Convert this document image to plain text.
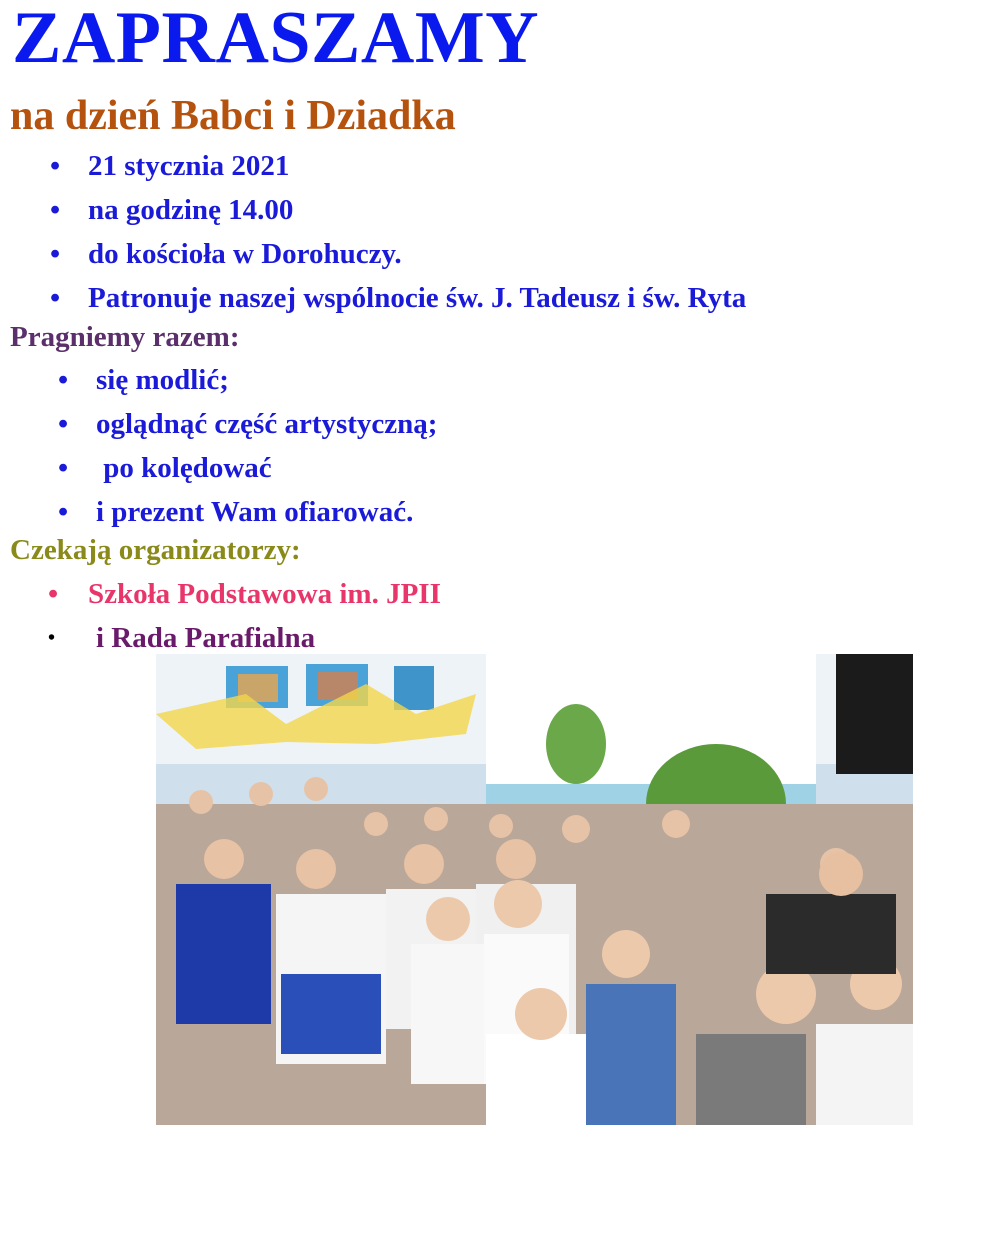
ZAPRASZAMY
na dzień Babci i Dziadka
• 21 stycznia 2021
• na godzinę 14.00
• do kościoła w Dorohuczy.
• Patronuje naszej wspólnocie św. J. Tadeusz i św. Ryta
Pragniemy razem:
• się modlić;
• oglądnąć część artystyczną;
• po kolędować
• i prezent Wam ofiarować.
Czekają organizatorzy:
• Szkoła Podstawowa im. JPII
• i Rada Parafialna
